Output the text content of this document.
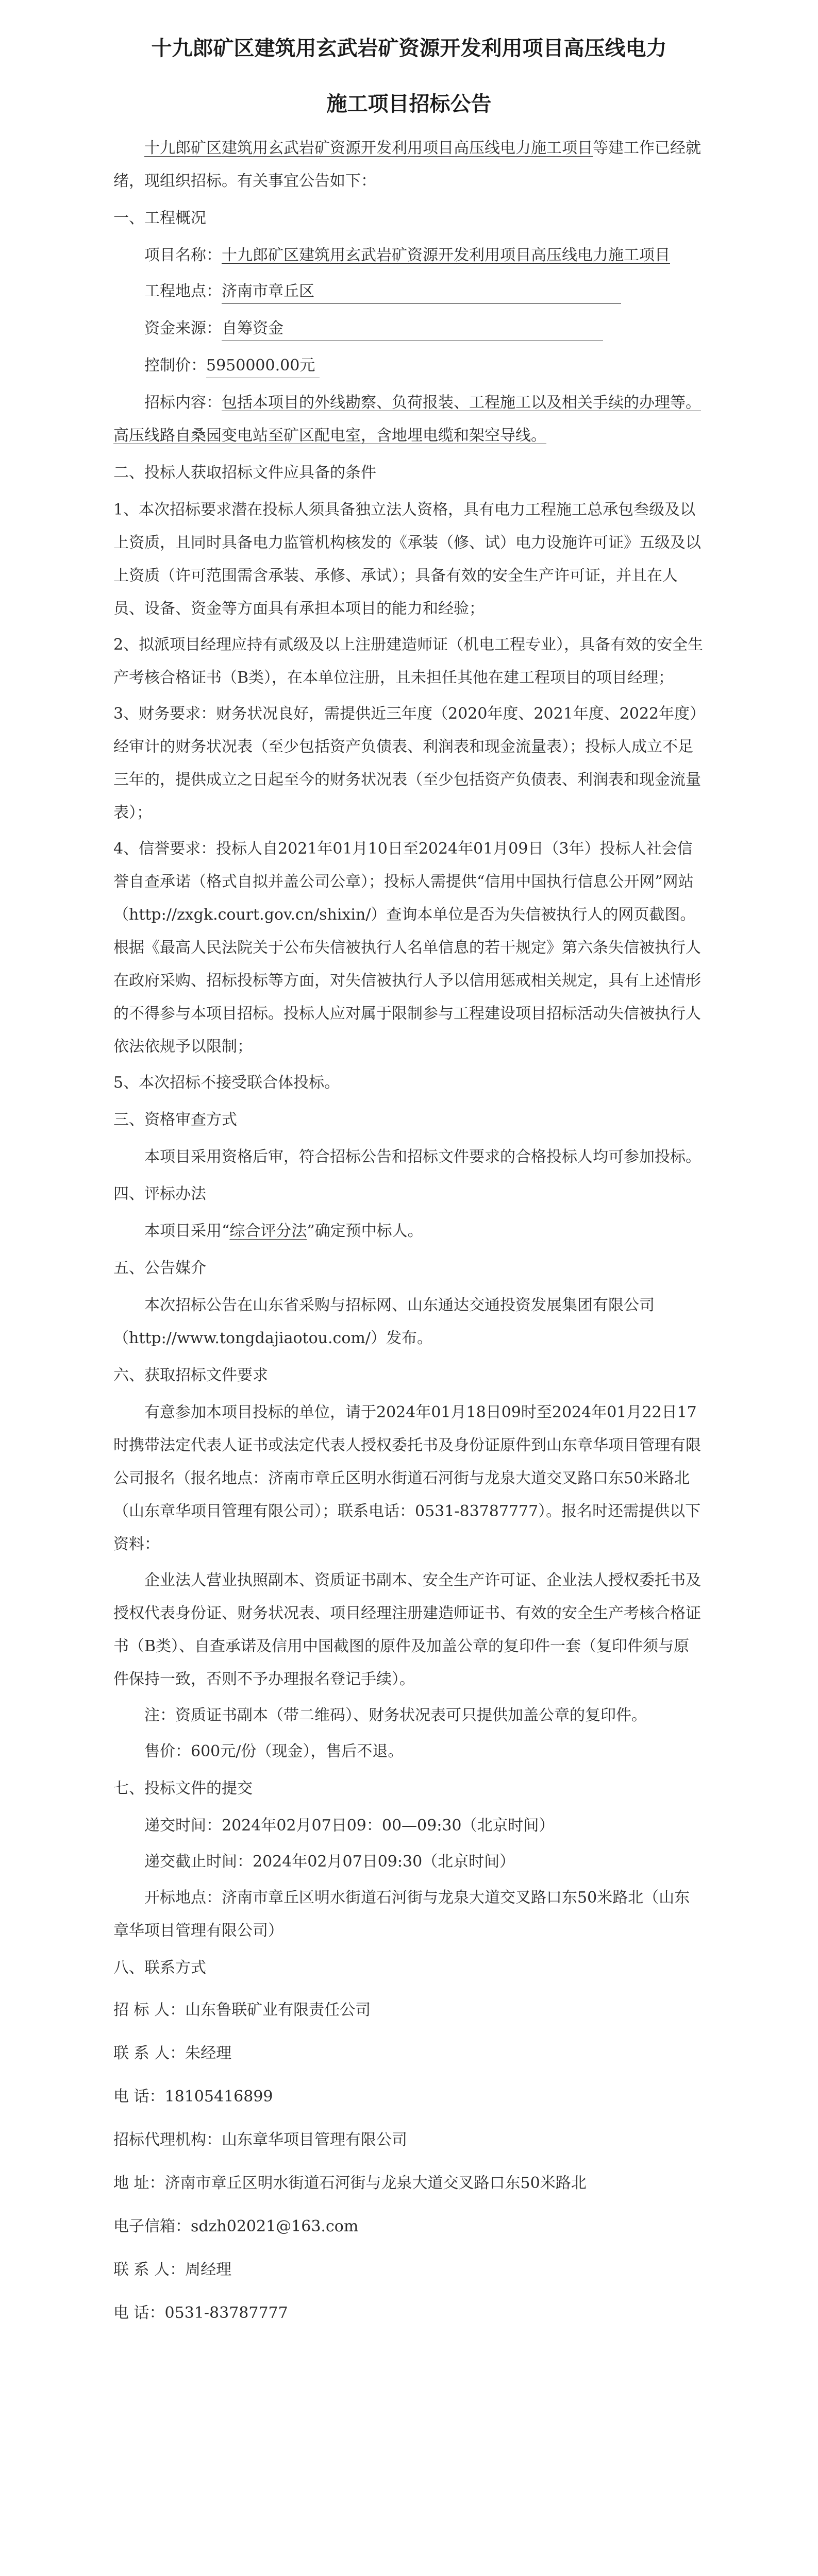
十九郎矿区建筑用玄武岩矿资源开发利用项目高压线电力
施工项目招标公告

十九郎矿区建筑用玄武岩矿资源开发利用项目高压线电力施工项目等建工作已经就绪，现组织招标。有关事宜公告如下：

一、工程概况

项目名称：十九郎矿区建筑用玄武岩矿资源开发利用项目高压线电力施工项目

工程地点：济南市章丘区

资金来源：自筹资金

控制价：5950000.00元

招标内容：包括本项目的外线勘察、负荷报装、工程施工以及相关手续的办理等。高压线路自桑园变电站至矿区配电室，含地埋电缆和架空导线。

二、投标人获取招标文件应具备的条件

1、本次招标要求潜在投标人须具备独立法人资格，具有电力工程施工总承包叁级及以上资质，且同时具备电力监管机构核发的《承装（修、试）电力设施许可证》五级及以上资质（许可范围需含承装、承修、承试）；具备有效的安全生产许可证，并且在人员、设备、资金等方面具有承担本项目的能力和经验；

2、拟派项目经理应持有贰级及以上注册建造师证（机电工程专业），具备有效的安全生产考核合格证书（B类），在本单位注册，且未担任其他在建工程项目的项目经理；

3、财务要求：财务状况良好，需提供近三年度（2020年度、2021年度、2022年度）经审计的财务状况表（至少包括资产负债表、利润表和现金流量表）；投标人成立不足三年的，提供成立之日起至今的财务状况表（至少包括资产负债表、利润表和现金流量表）；

4、信誉要求：投标人自2021年01月10日至2024年01月09日（3年）投标人社会信誉自查承诺（格式自拟并盖公司公章）；投标人需提供“信用中国执行信息公开网”网站（http://zxgk.court.gov.cn/shixin/）查询本单位是否为失信被执行人的网页截图。根据《最高人民法院关于公布失信被执行人名单信息的若干规定》第六条失信被执行人在政府采购、招标投标等方面，对失信被执行人予以信用惩戒相关规定，具有上述情形的不得参与本项目招标。投标人应对属于限制参与工程建设项目招标活动失信被执行人依法依规予以限制；

5、本次招标不接受联合体投标。

三、资格审查方式

本项目采用资格后审，符合招标公告和招标文件要求的合格投标人均可参加投标。

四、评标办法

本项目采用“综合评分法”确定预中标人。

五、公告媒介

本次招标公告在山东省采购与招标网、山东通达交通投资发展集团有限公司（http://www.tongdajiaotou.com/）发布。

六、获取招标文件要求

有意参加本项目投标的单位，请于2024年01月18日09时至2024年01月22日17时携带法定代表人证书或法定代表人授权委托书及身份证原件到山东章华项目管理有限公司报名（报名地点：济南市章丘区明水街道石河街与龙泉大道交叉路口东50米路北（山东章华项目管理有限公司）；联系电话：0531-83787777）。报名时还需提供以下资料：

企业法人营业执照副本、资质证书副本、安全生产许可证、企业法人授权委托书及授权代表身份证、财务状况表、项目经理注册建造师证书、有效的安全生产考核合格证书（B类）、自查承诺及信用中国截图的原件及加盖公章的复印件一套（复印件须与原件保持一致，否则不予办理报名登记手续）。

注：资质证书副本（带二维码）、财务状况表可只提供加盖公章的复印件。

售价：600元/份（现金），售后不退。

七、投标文件的提交

递交时间：2024年02月07日09：00—09:30（北京时间）

递交截止时间：2024年02月07日09:30（北京时间）

开标地点：济南市章丘区明水街道石河街与龙泉大道交叉路口东50米路北（山东章华项目管理有限公司）

八、联系方式

招 标 人：山东鲁联矿业有限责任公司

联 系 人：朱经理

电 话：18105416899

招标代理机构：山东章华项目管理有限公司

地 址：济南市章丘区明水街道石河街与龙泉大道交叉路口东50米路北

电子信箱：sdzh02021@163.com

联 系 人：周经理

电 话：0531-83787777
